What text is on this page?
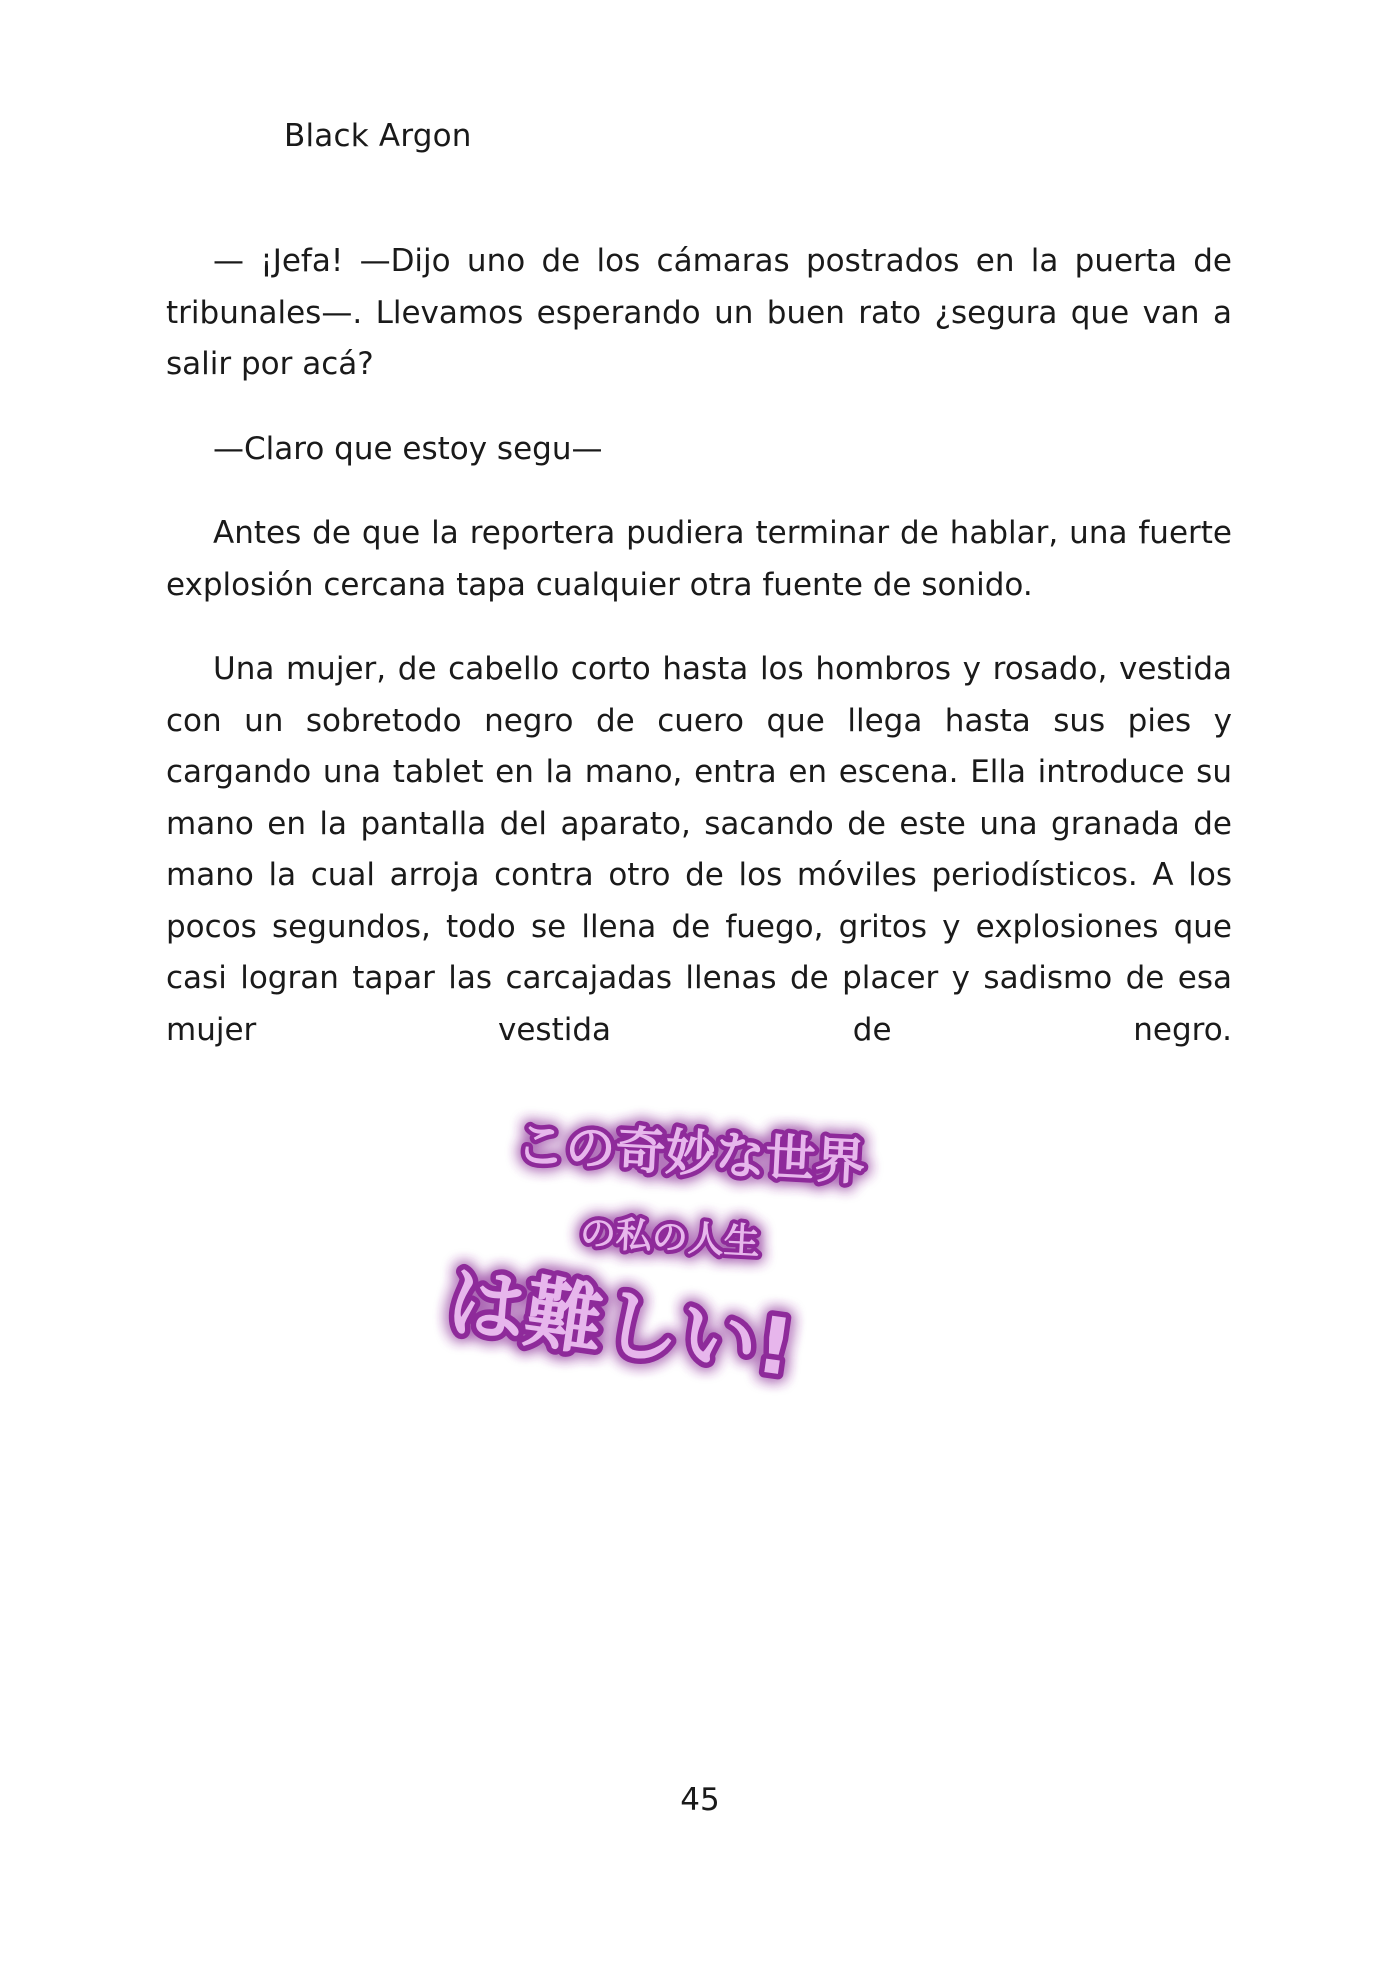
Black Argon

— ¡Jefa! —Dijo uno de los cámaras postrados en la puerta de tribunales—. Llevamos esperando un buen rato ¿segura que van a salir por acá?

—Claro que estoy segu—

Antes de que la reportera pudiera terminar de hablar, una fuerte explosión cercana tapa cualquier otra fuente de sonido.

Una mujer, de cabello corto hasta los hombros y rosado, vestida con un sobretodo negro de cuero que llega hasta sus pies y cargando una tablet en la mano, entra en escena. Ella introduce su mano en la pantalla del aparato, sacando de este una granada de mano la cual arroja contra otro de los móviles periodísticos. A los pocos segundos, todo se llena de fuego, gritos y explosiones que casi logran tapar las carcajadas llenas de placer y sadismo de esa mujer vestida de negro.

この奇妙な世界
の私の人生
は難しい!
45
